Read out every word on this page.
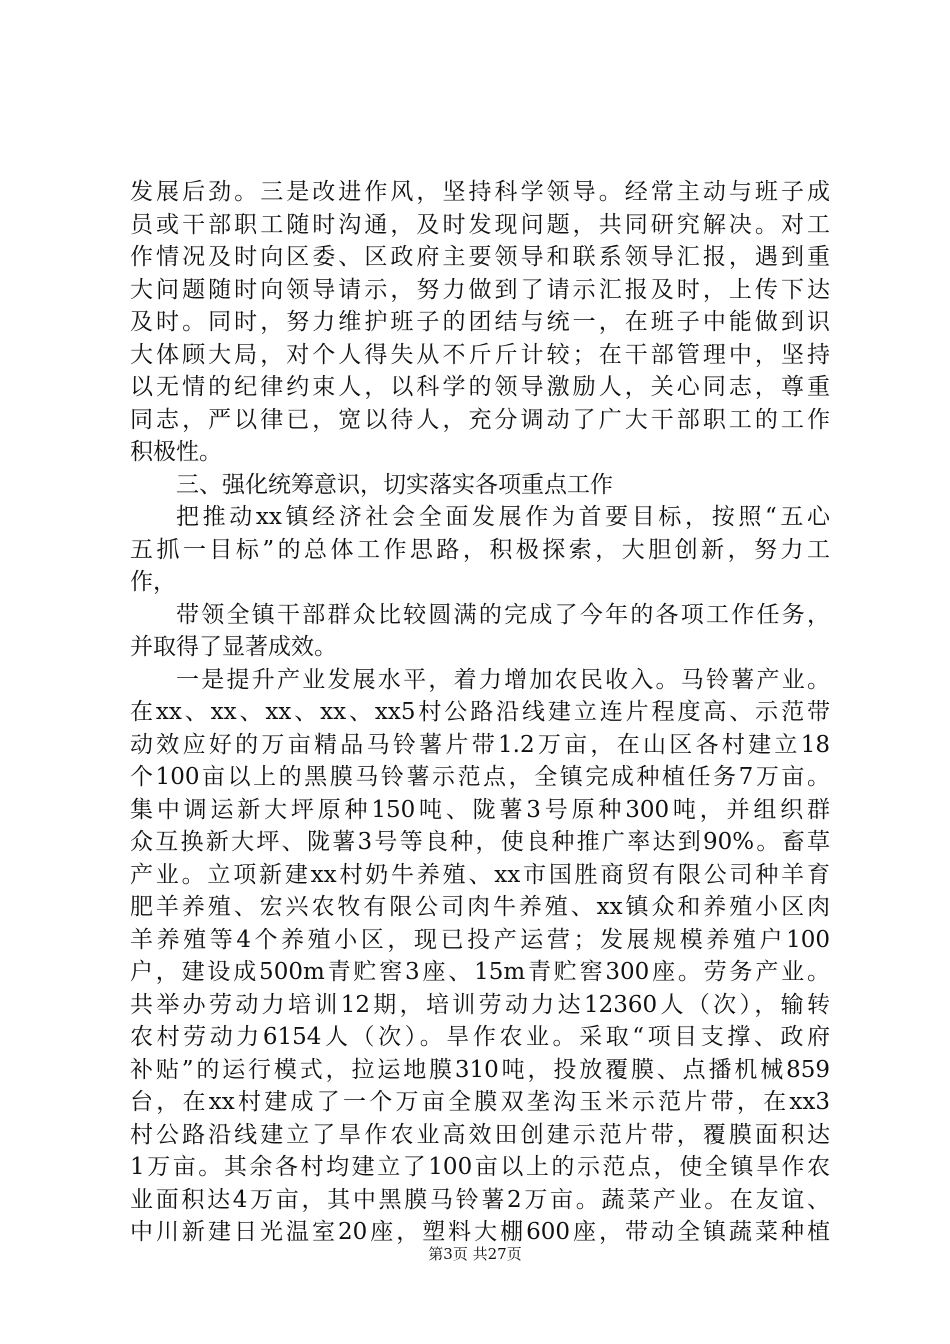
发展后劲。三是改进作风，坚持科学领导。经常主动与班子成
员或干部职工随时沟通，及时发现问题，共同研究解决。对工
作情况及时向区委、区政府主要领导和联系领导汇报，遇到重
大问题随时向领导请示，努力做到了请示汇报及时，上传下达
及时。同时，努力维护班子的团结与统一，在班子中能做到识
大体顾大局，对个人得失从不斤斤计较；在干部管理中，坚持
以无情的纪律约束人，以科学的领导激励人，关心同志，尊重
同志，严以律已，宽以待人，充分调动了广大干部职工的工作
积极性。
三、强化统筹意识，切实落实各项重点工作
把推动xx镇经济社会全面发展作为首要目标，按照“五心
五抓一目标”的总体工作思路，积极探索，大胆创新，努力工
作，
带领全镇干部群众比较圆满的完成了今年的各项工作任务，
并取得了显著成效。
一是提升产业发展水平，着力增加农民收入。马铃薯产业。
在xx、xx、xx、xx、xx5村公路沿线建立连片程度高、示范带
动效应好的万亩精品马铃薯片带1.2万亩，在山区各村建立18
个100亩以上的黑膜马铃薯示范点，全镇完成种植任务7万亩。
集中调运新大坪原种150吨、陇薯3号原种300吨，并组织群
众互换新大坪、陇薯3号等良种，使良种推广率达到90%。畜草
产业。立项新建xx村奶牛养殖、xx市国胜商贸有限公司种羊育
肥羊养殖、宏兴农牧有限公司肉牛养殖、xx镇众和养殖小区肉
羊养殖等4个养殖小区，现已投产运营；发展规模养殖户100
户，建设成500m青贮窖3座、15m青贮窖300座。劳务产业。
共举办劳动力培训12期，培训劳动力达12360人（次），输转
农村劳动力6154人（次）。旱作农业。采取“项目支撑、政府
补贴”的运行模式，拉运地膜310吨，投放覆膜、点播机械859
台，在xx村建成了一个万亩全膜双垄沟玉米示范片带，在xx3
村公路沿线建立了旱作农业高效田创建示范片带，覆膜面积达
1万亩。其余各村均建立了100亩以上的示范点，使全镇旱作农
业面积达4万亩，其中黑膜马铃薯2万亩。蔬菜产业。在友谊、
中川新建日光温室20座，塑料大棚600座，带动全镇蔬菜种植
第3页 共27页
